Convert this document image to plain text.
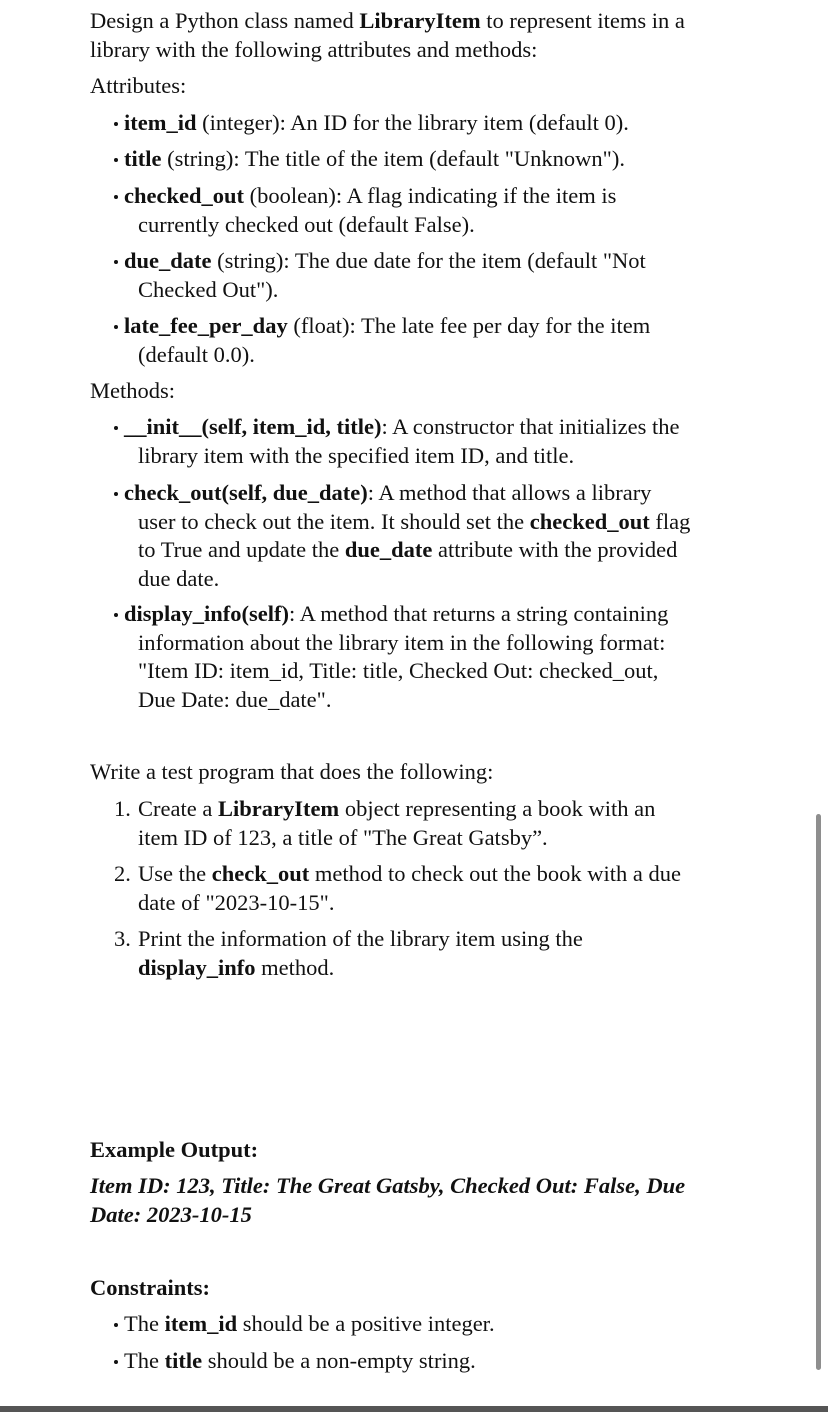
Design a Python class named LibraryItem to represent items in a
library with the following attributes and methods:
Attributes:
item_id (integer): An ID for the library item (default 0).
title (string): The title of the item (default "Unknown").
checked_out (boolean): A flag indicating if the item is
currently checked out (default False).
due_date (string): The due date for the item (default "Not
Checked Out").
late_fee_per_day (float): The late fee per day for the item
(default 0.0).
Methods:
__init__(self, item_id, title): A constructor that initializes the
library item with the specified item ID, and title.
check_out(self, due_date): A method that allows a library
user to check out the item. It should set the checked_out flag
to True and update the due_date attribute with the provided
due date.
display_info(self): A method that returns a string containing
information about the library item in the following format:
"Item ID: item_id, Title: title, Checked Out: checked_out,
Due Date: due_date".
Write a test program that does the following:
1. Create a LibraryItem object representing a book with an
item ID of 123, a title of "The Great Gatsby”.
2. Use the check_out method to check out the book with a due
date of "2023-10-15".
3. Print the information of the library item using the
display_info method.
Example Output:
Item ID: 123, Title: The Great Gatsby, Checked Out: False, Due
Date: 2023-10-15
Constraints:
The item_id should be a positive integer.
The title should be a non-empty string.
